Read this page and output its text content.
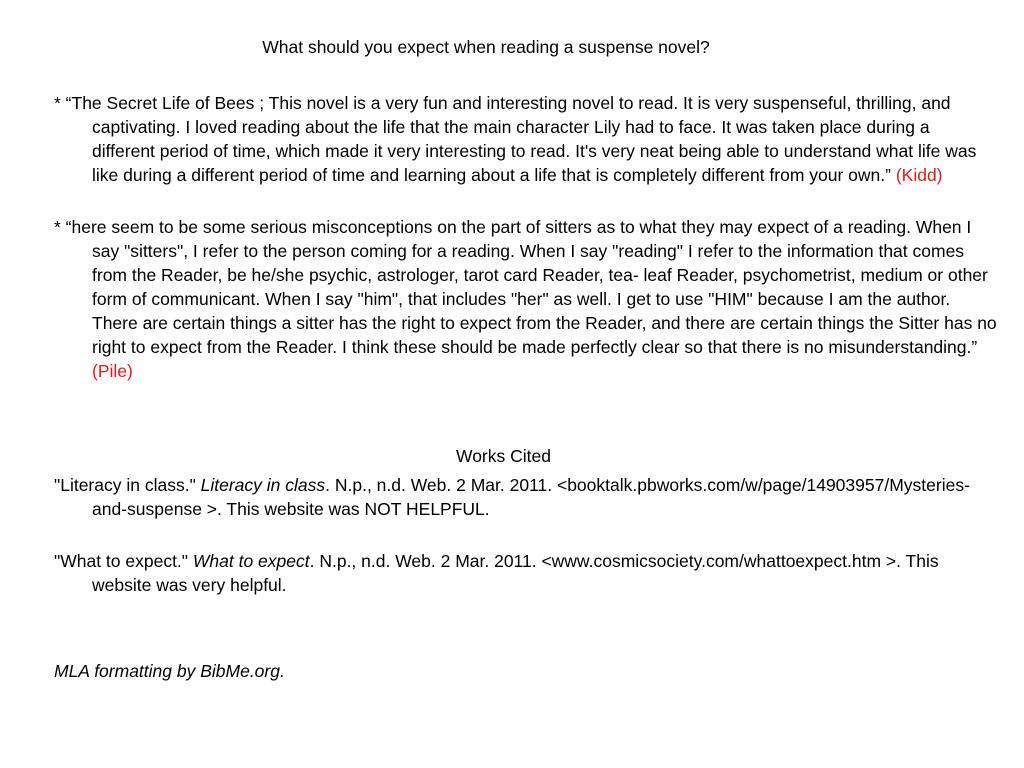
What should you expect when reading a suspense novel?
* “The Secret Life of Bees ; This novel is a very fun and interesting novel to read. It is very suspenseful, thrilling, and captivating. I loved reading about the life that the main character Lily had to face. It was taken place during a different period of time, which made it very interesting to read. It's very neat being able to understand what life was like during a different period of time and learning about a life that is completely different from your own.” (Kidd)
* “here seem to be some serious misconceptions on the part of sitters as to what they may expect of a reading. When I say "sitters", I refer to the person coming for a reading. When I say "reading" I refer to the information that comes from the Reader, be he/she psychic, astrologer, tarot card Reader, tea- leaf Reader, psychometrist, medium or other form of communicant. When I say "him", that includes "her" as well. I get to use "HIM" because I am the author. There are certain things a sitter has the right to expect from the Reader, and there are certain things the Sitter has no right to expect from the Reader. I think these should be made perfectly clear so that there is no misunderstanding.” (Pile)
Works Cited
"Literacy in class." Literacy in class. N.p., n.d. Web. 2 Mar. 2011. <booktalk.pbworks.com/w/page/14903957/Mysteries-and-suspense >. This website was NOT HELPFUL.
"What to expect." What to expect. N.p., n.d. Web. 2 Mar. 2011. <www.cosmicsociety.com/whattoexpect.htm >. This website was very helpful.
MLA formatting by BibMe.org.
